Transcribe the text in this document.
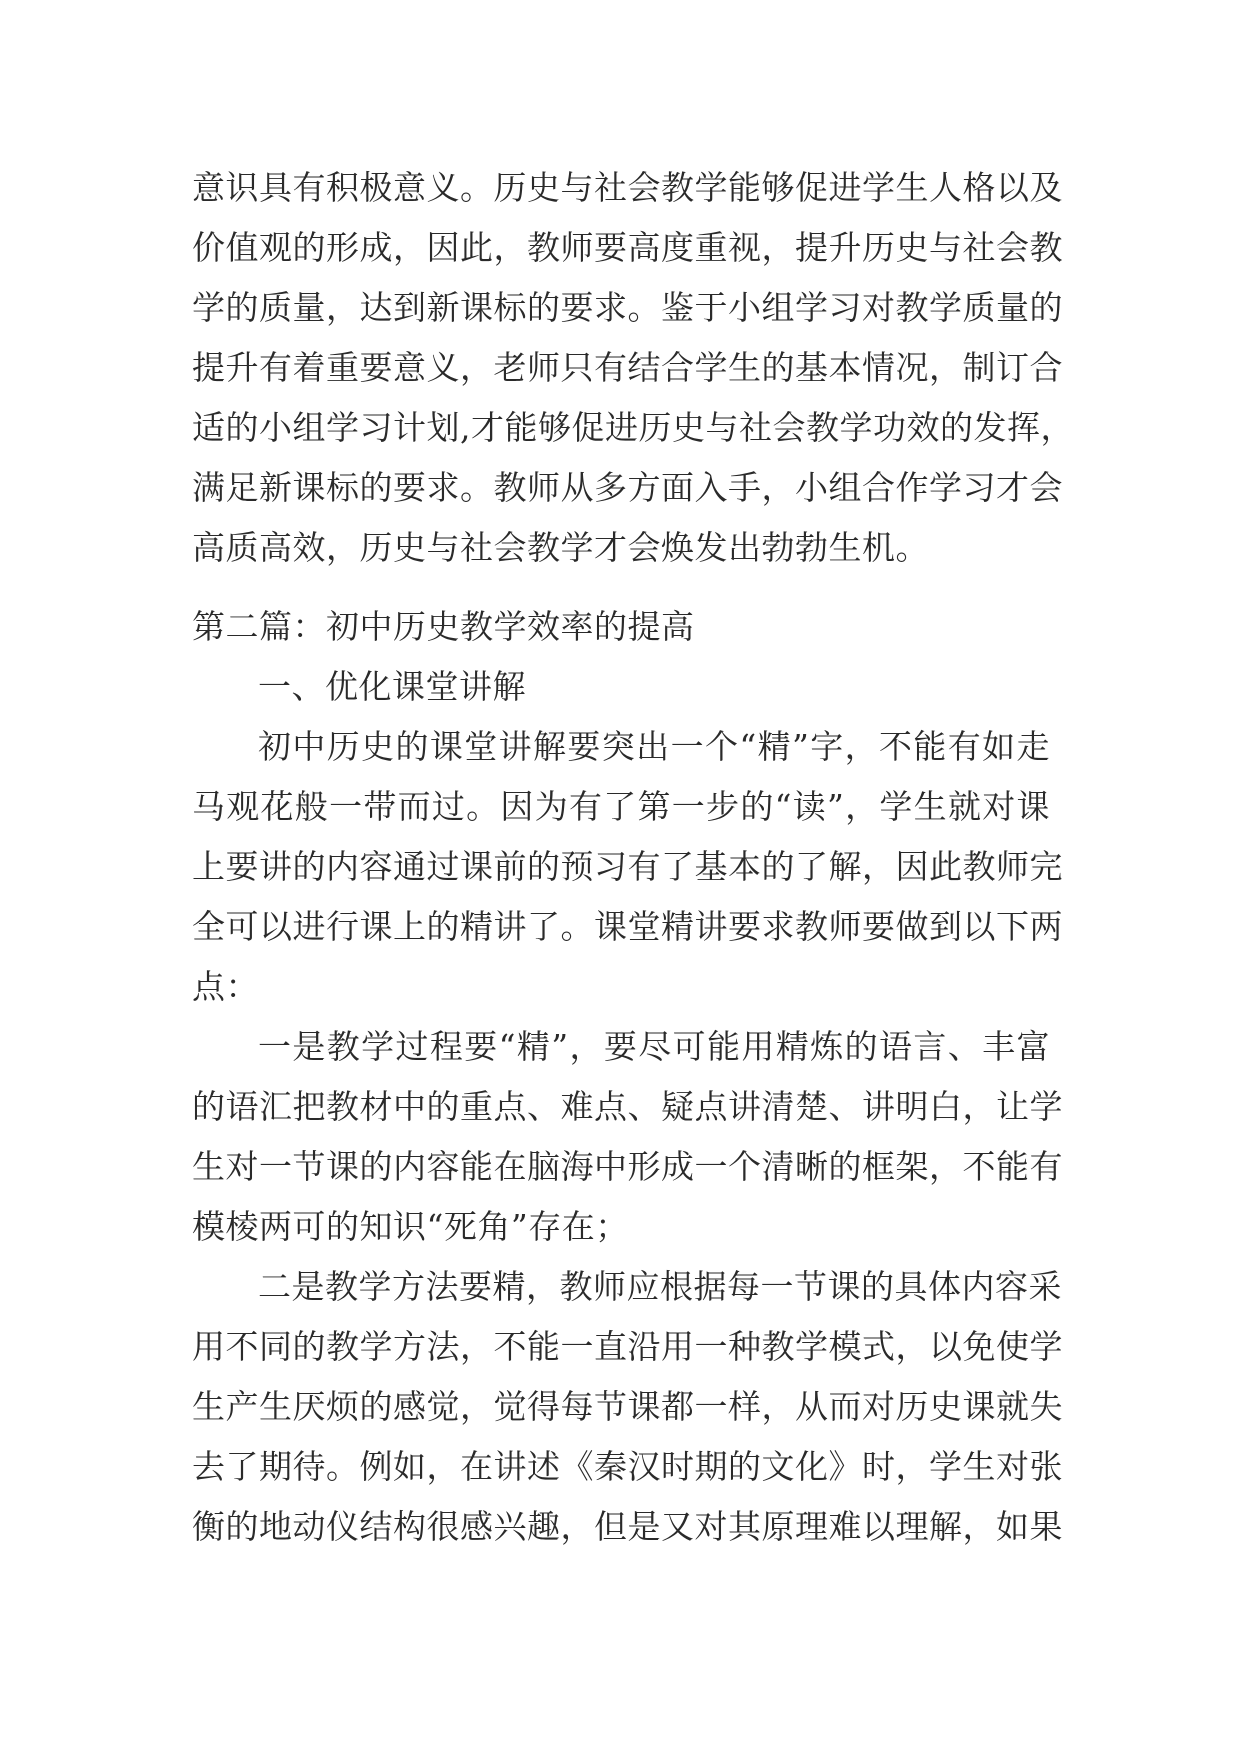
意识具有积极意义。历史与社会教学能够促进学生人格以及
价值观的形成，因此，教师要高度重视，提升历史与社会教
学的质量，达到新课标的要求。鉴于小组学习对教学质量的
提升有着重要意义，老师只有结合学生的基本情况，制订合
适的小组学习计划,才能够促进历史与社会教学功效的发挥，
满足新课标的要求。教师从多方面入手，小组合作学习才会
高质高效，历史与社会教学才会焕发出勃勃生机。
第二篇：初中历史教学效率的提高
一、优化课堂讲解
初中历史的课堂讲解要突出一个“精”字，不能有如走
马观花般一带而过。因为有了第一步的“读”，学生就对课
上要讲的内容通过课前的预习有了基本的了解，因此教师完
全可以进行课上的精讲了。课堂精讲要求教师要做到以下两
点：
一是教学过程要“精”，要尽可能用精炼的语言、丰富
的语汇把教材中的重点、难点、疑点讲清楚、讲明白，让学
生对一节课的内容能在脑海中形成一个清晰的框架，不能有
模棱两可的知识“死角”存在；
二是教学方法要精，教师应根据每一节课的具体内容采
用不同的教学方法，不能一直沿用一种教学模式，以免使学
生产生厌烦的感觉，觉得每节课都一样，从而对历史课就失
去了期待。例如，在讲述《秦汉时期的文化》时，学生对张
衡的地动仪结构很感兴趣，但是又对其原理难以理解，如果
